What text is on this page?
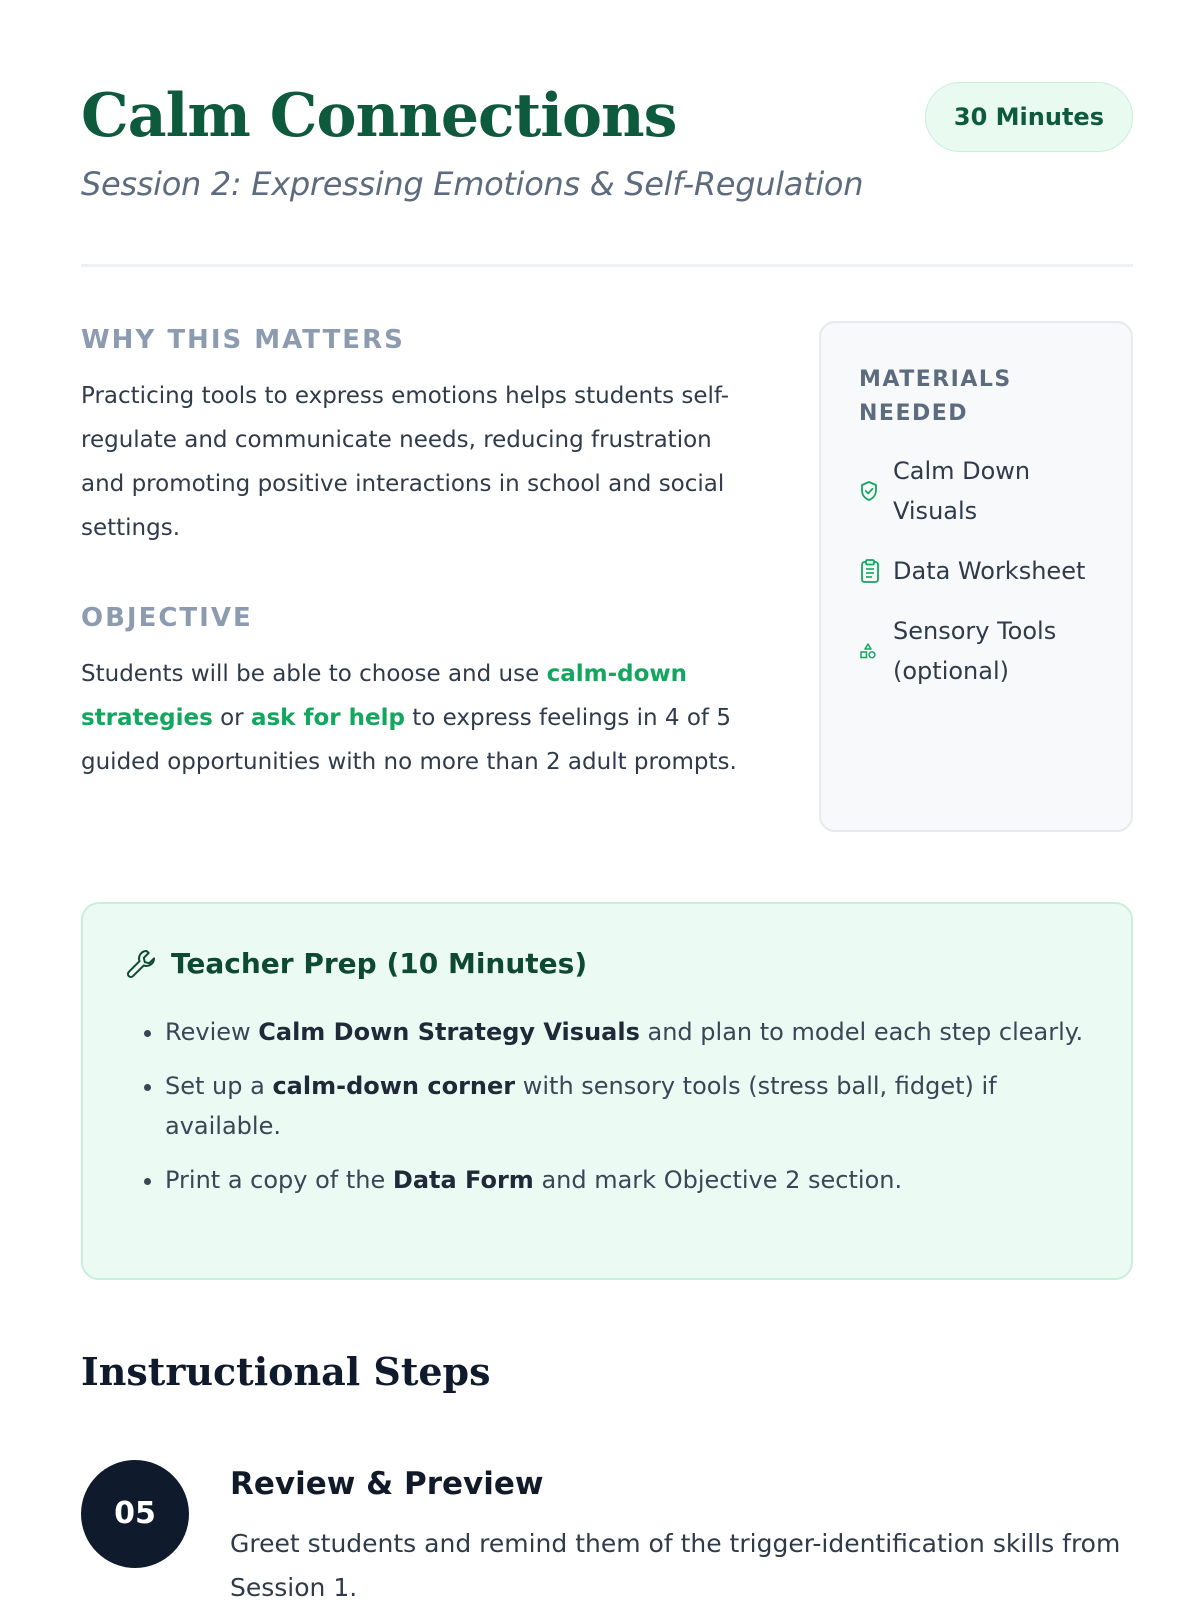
Calm Connections
Session 2: Expressing Emotions & Self-Regulation
30 Minutes
WHY THIS MATTERS

Practicing tools to express emotions helps students self-regulate and communicate needs, reducing frustration and promoting positive interactions in school and social settings.

OBJECTIVE

Students will be able to choose and use calm-down strategies or ask for help to express feelings in 4 of 5 guided opportunities with no more than 2 adult prompts.

MATERIALS NEEDED
Calm Down Visuals
Data Worksheet
Sensory Tools (optional)
Teacher Prep (10 Minutes)
• Review Calm Down Strategy Visuals and plan to model each step clearly.
• Set up a calm-down corner with sensory tools (stress ball, fidget) if available.
• Print a copy of the Data Form and mark Objective 2 section.
Instructional Steps
05
Review & Preview

Greet students and remind them of the trigger-identification skills from Session 1.
